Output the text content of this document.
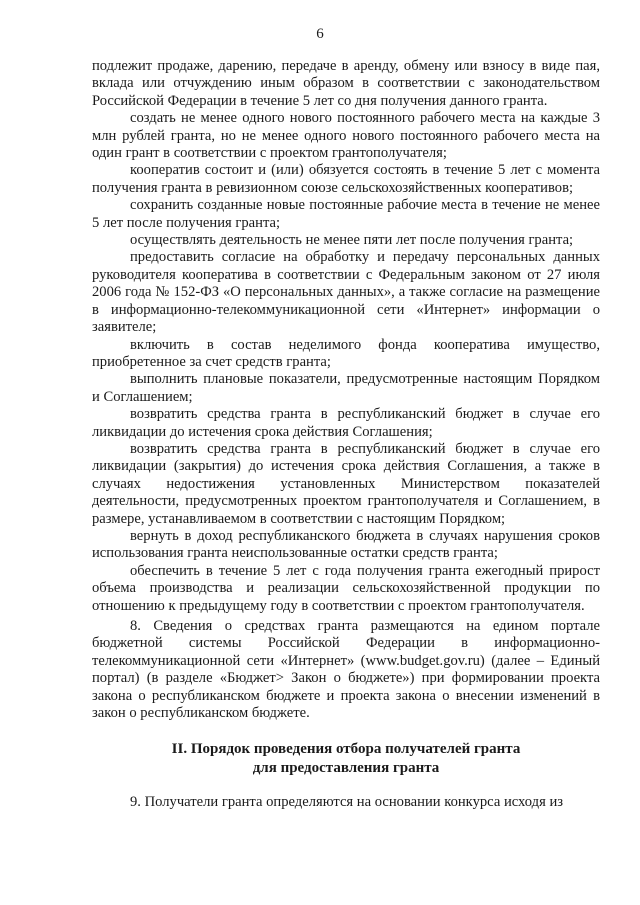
6

подлежит продаже, дарению, передаче в аренду, обмену или взносу в виде пая, вклада или отчуждению иным образом в соответствии с законодательством Российской Федерации в течение 5 лет со дня получения данного гранта.

создать не менее одного нового постоянного рабочего места на каждые 3 млн рублей гранта, но не менее одного нового постоянного рабочего места на один грант в соответствии с проектом грантополучателя;

кооператив состоит и (или) обязуется состоять в течение 5 лет с момента получения гранта в ревизионном союзе сельскохозяйственных кооперативов;

сохранить созданные новые постоянные рабочие места в течение не менее 5 лет после получения гранта;

осуществлять деятельность не менее пяти лет после получения гранта;

предоставить согласие на обработку и передачу персональных данных руководителя кооператива в соответствии с Федеральным законом от 27 июля 2006 года № 152-ФЗ «О персональных данных», а также согласие на размещение в информационно-телекоммуникационной сети «Интернет» информации о заявителе;

включить в состав неделимого фонда кооператива имущество, приобретенное за счет средств гранта;

выполнить плановые показатели, предусмотренные настоящим Порядком и Соглашением;

возвратить средства гранта в республиканский бюджет в случае его ликвидации до истечения срока действия Соглашения;

возвратить средства гранта в республиканский бюджет в случае его ликвидации (закрытия) до истечения срока действия Соглашения, а также в случаях недостижения установленных Министерством показателей деятельности, предусмотренных проектом грантополучателя и Соглашением, в размере, устанавливаемом в соответствии с настоящим Порядком;

вернуть в доход республиканского бюджета в случаях нарушения сроков использования гранта неиспользованные остатки средств гранта;

обеспечить в течение 5 лет с года получения гранта ежегодный прирост объема производства и реализации сельскохозяйственной продукции по отношению к предыдущему году в соответствии с проектом грантополучателя.

8. Сведения о средствах гранта размещаются на едином портале бюджетной системы Российской Федерации в информационно-телекоммуникационной сети «Интернет» (www.budget.gov.ru) (далее – Единый портал) (в разделе «Бюджет> Закон о бюджете») при формировании проекта закона о республиканском бюджете и проекта закона о внесении изменений в закон о республиканском бюджете.

II. Порядок проведения отбора получателей гранта
для предоставления гранта

9. Получатели гранта определяются на основании конкурса исходя из
